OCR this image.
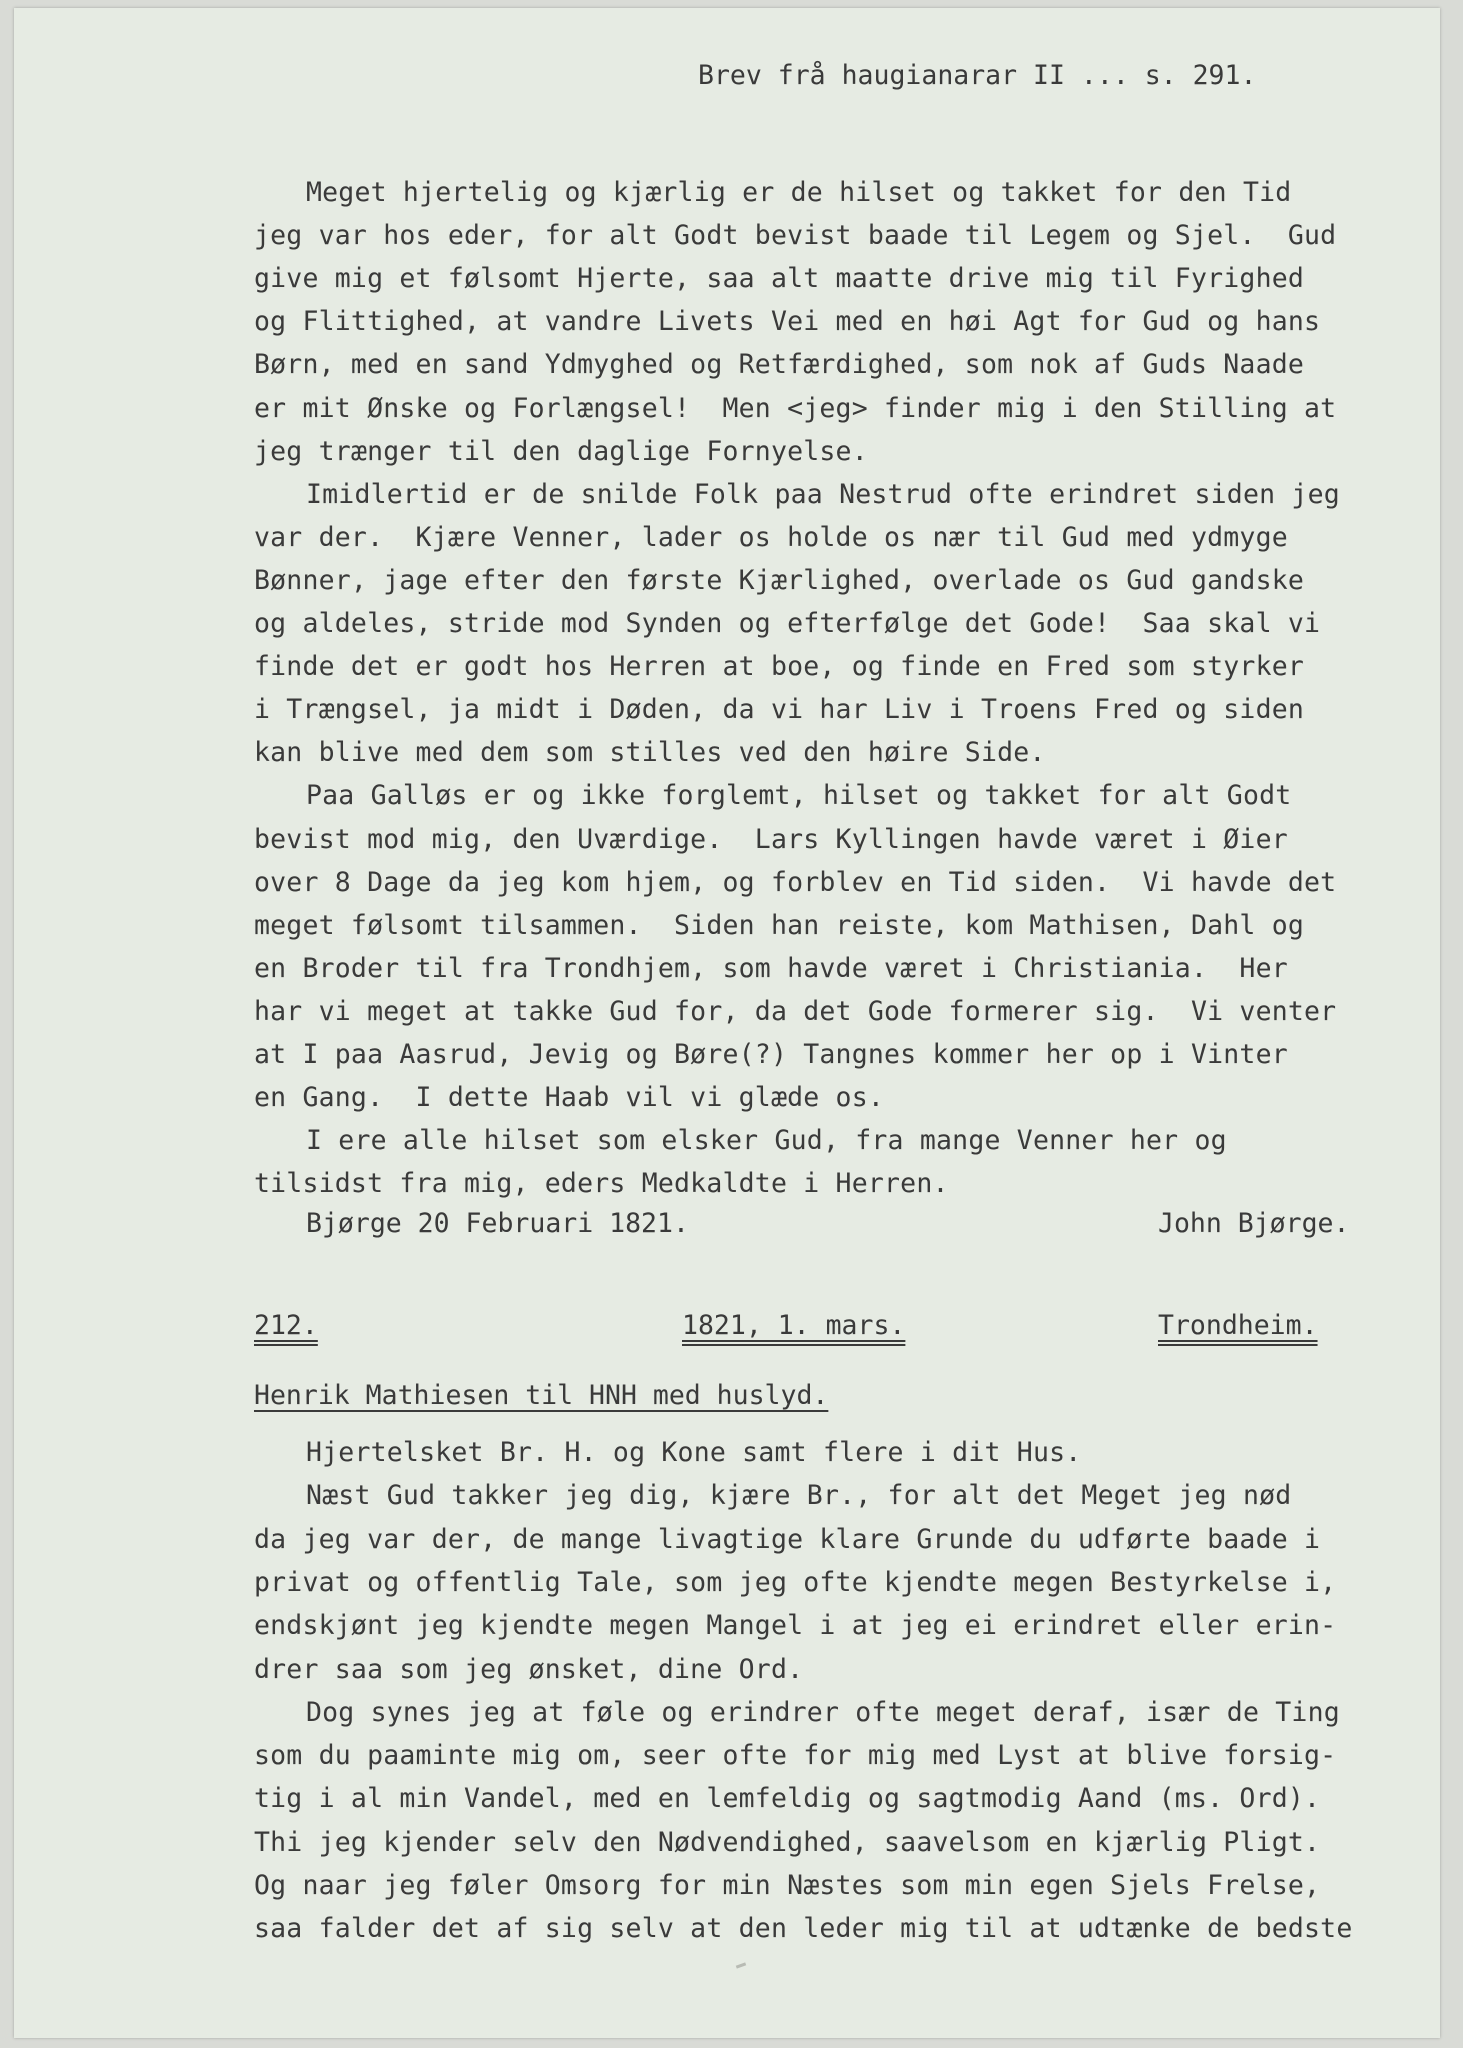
Brev frå haugianarar II ... s. 291.
Meget hjertelig og kjærlig er de hilset og takket for den Tid
jeg var hos eder, for alt Godt bevist baade til Legem og Sjel.  Gud
give mig et følsomt Hjerte, saa alt maatte drive mig til Fyrighed
og Flittighed, at vandre Livets Vei med en høi Agt for Gud og hans
Børn, med en sand Ydmyghed og Retfærdighed, som nok af Guds Naade
er mit Ønske og Forlængsel!  Men <jeg> finder mig i den Stilling at
jeg trænger til den daglige Fornyelse.
Imidlertid er de snilde Folk paa Nestrud ofte erindret siden jeg
var der.  Kjære Venner, lader os holde os nær til Gud med ydmyge
Bønner, jage efter den første Kjærlighed, overlade os Gud gandske
og aldeles, stride mod Synden og efterfølge det Gode!  Saa skal vi
finde det er godt hos Herren at boe, og finde en Fred som styrker
i Trængsel, ja midt i Døden, da vi har Liv i Troens Fred og siden
kan blive med dem som stilles ved den høire Side.
Paa Galløs er og ikke forglemt, hilset og takket for alt Godt
bevist mod mig, den Uværdige.  Lars Kyllingen havde været i Øier
over 8 Dage da jeg kom hjem, og forblev en Tid siden.  Vi havde det
meget følsomt tilsammen.  Siden han reiste, kom Mathisen, Dahl og
en Broder til fra Trondhjem, som havde været i Christiania.  Her
har vi meget at takke Gud for, da det Gode formerer sig.  Vi venter
at I paa Aasrud, Jevig og Børe(?) Tangnes kommer her op i Vinter
en Gang.  I dette Haab vil vi glæde os.
I ere alle hilset som elsker Gud, fra mange Venner her og
tilsidst fra mig, eders Medkaldte i Herren.
Bjørge 20 Februari 1821.	John Bjørge.
212.	1821, 1. mars.	Trondheim.
Henrik Mathiesen til HNH med huslyd.
Hjertelsket Br. H. og Kone samt flere i dit Hus.
Næst Gud takker jeg dig, kjære Br., for alt det Meget jeg nød
da jeg var der, de mange livagtige klare Grunde du udførte baade i
privat og offentlig Tale, som jeg ofte kjendte megen Bestyrkelse i,
endskjønt jeg kjendte megen Mangel i at jeg ei erindret eller erin-
drer saa som jeg ønsket, dine Ord.
Dog synes jeg at føle og erindrer ofte meget deraf, især de Ting
som du paaminte mig om, seer ofte for mig med Lyst at blive forsig-
tig i al min Vandel, med en lemfeldig og sagtmodig Aand (ms. Ord).
Thi jeg kjender selv den Nødvendighed, saavelsom en kjærlig Pligt.
Og naar jeg føler Omsorg for min Næstes som min egen Sjels Frelse,
saa falder det af sig selv at den leder mig til at udtænke de bedste
